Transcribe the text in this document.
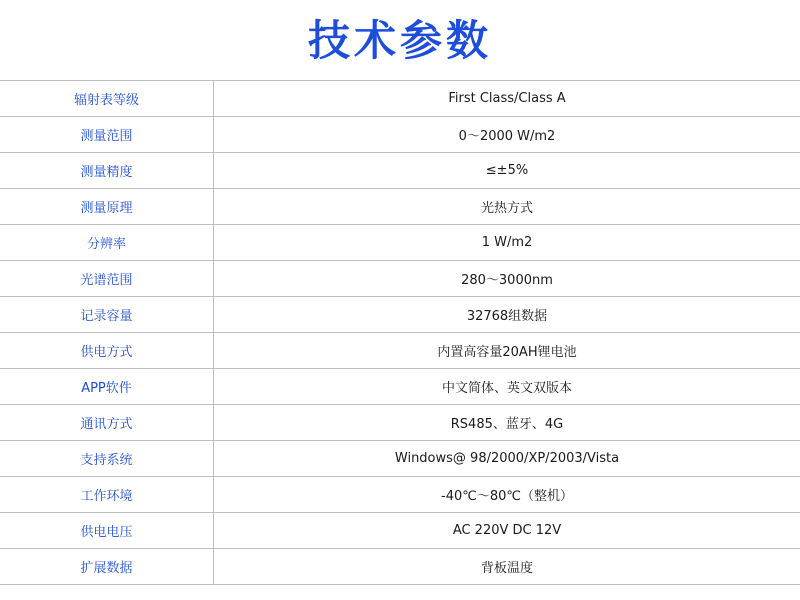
技术参数
辐射表等级	First Class/Class A
测量范围	0～2000 W/m2
测量精度	≤±5%
测量原理	光热方式
分辨率	1 W/m2
光谱范围	280～3000nm
记录容量	32768组数据
供电方式	内置高容量20AH锂电池
APP软件	中文简体、英文双版本
通讯方式	RS485、蓝牙、4G
支持系统	Windows@ 98/2000/XP/2003/Vista
工作环境	-40℃～80℃（整机）
供电电压	AC 220V DC 12V
扩展数据	背板温度
